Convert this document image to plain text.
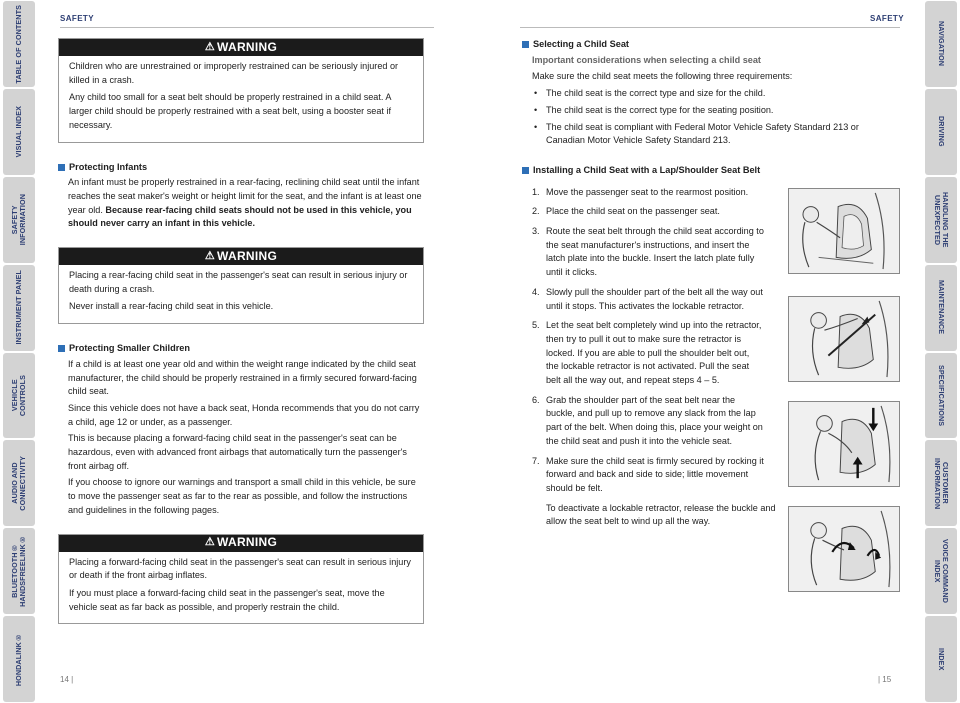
TABLE OF CONTENTS
VISUAL INDEX
SAFETY
INFORMATION
INSTRUMENT PANEL
VEHICLE
CONTROLS
AUDIO AND
CONNECTIVITY
BLUETOOTH®
HANDSFREELINK®
HONDALINK®
NAVIGATION
DRIVING
HANDLING THE
UNEXPECTED
MAINTENANCE
SPECIFICATIONS
CUSTOMER
INFORMATION
VOICE COMMAND
INDEX
INDEX
SAFETY	SAFETY
14 |	| 15
⚠ WARNING

Children who are unrestrained or improperly restrained can be seriously injured or killed in a crash.

Any child too small for a seat belt should be properly restrained in a child seat. A larger child should be properly restrained with a seat belt, using a booster seat if necessary.

Protecting Infants

An infant must be properly restrained in a rear-facing, reclining child seat until the infant reaches the seat maker's weight or height limit for the seat, and the infant is at least one year old. Because rear-facing child seats should not be used in this vehicle, you should never carry an infant in this vehicle.

⚠ WARNING

Placing a rear-facing child seat in the passenger's seat can result in serious injury or death during a crash.

Never install a rear-facing child seat in this vehicle.

Protecting Smaller Children

If a child is at least one year old and within the weight range indicated by the child seat manufacturer, the child should be properly restrained in a firmly secured forward-facing child seat.

Since this vehicle does not have a back seat, Honda recommends that you do not carry a child, age 12 or under, as a passenger.

This is because placing a forward-facing child seat in the passenger's seat can be hazardous, even with advanced front airbags that automatically turn the passenger's front airbag off.

If you choose to ignore our warnings and transport a small child in this vehicle, be sure to move the passenger seat as far to the rear as possible, and follow the instructions and guidelines in the following pages.

⚠ WARNING

Placing a forward-facing child seat in the passenger's seat can result in serious injury or death if the front airbag inflates.

If you must place a forward-facing child seat in the passenger's seat, move the vehicle seat as far back as possible, and properly restrain the child.

Selecting a Child Seat

Important considerations when selecting a child seat

Make sure the child seat meets the following three requirements:

• The child seat is the correct type and size for the child.
• The child seat is the correct type for the seating position.
• The child seat is compliant with Federal Motor Vehicle Safety Standard 213 or Canadian Motor Vehicle Safety Standard 213.
Installing a Child Seat with a Lap/Shoulder Seat Belt
1. Move the passenger seat to the rearmost position.
2. Place the child seat on the passenger seat.
3. Route the seat belt through the child seat according to the seat manufacturer's instructions, and insert the latch plate into the buckle. Insert the latch plate fully until it clicks.
4. Slowly pull the shoulder part of the belt all the way out until it stops. This activates the lockable retractor.
5. Let the seat belt completely wind up into the retractor, then try to pull it out to make sure the retractor is locked. If you are able to pull the shoulder belt out, the lockable retractor is not activated. Pull the seat belt all the way out, and repeat steps 4 – 5.
6. Grab the shoulder part of the seat belt near the buckle, and pull up to remove any slack from the lap part of the belt. When doing this, place your weight on the child seat and push it into the vehicle seat.
7. Make sure the child seat is firmly secured by rocking it forward and back and side to side; little movement should be felt.

To deactivate a lockable retractor, release the buckle and allow the seat belt to wind up all the way.
